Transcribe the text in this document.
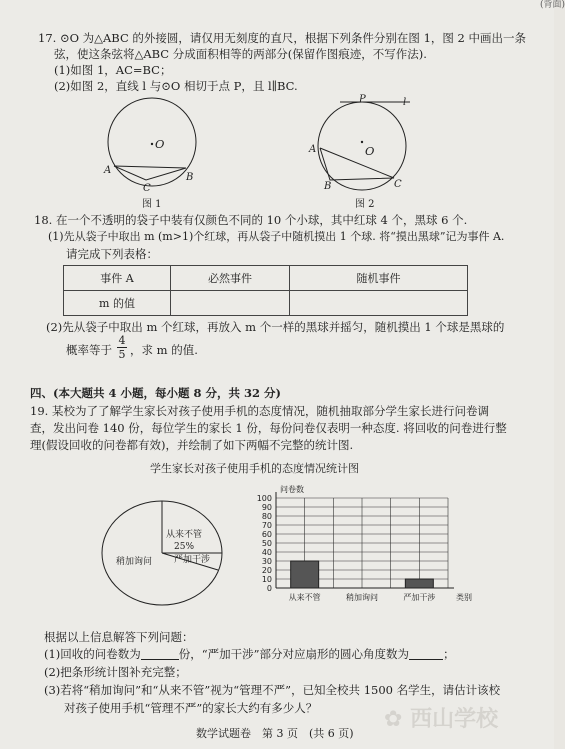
(背面)
17. ⊙O 为△ABC 的外接圆，请仅用无刻度的直尺，根据下列条件分别在图 1，图 2 中画出一条
弦，使这条弦将△ABC 分成面积相等的两部分(保留作图痕迹，不写作法).
(1)如图 1，AC=BC；
(2)如图 2，直线 l 与⊙O 相切于点 P，且 l∥BC.
O
A
B
C
图 1
P	l
O
A
B	C
图 2
18. 在一个不透明的袋子中装有仅颜色不同的 10 个小球，其中红球 4 个，黑球 6 个.
(1)先从袋子中取出 m (m>1)个红球，再从袋子中随机摸出 1 个球. 将“摸出黑球”记为事件 A.
请完成下列表格：
事件 A	必然事件	随机事件
m 的值		
(2)先从袋子中取出 m 个红球，再放入 m 个一样的黑球并摇匀，随机摸出 1 个球是黑球的
概率等于
4
5 ，求 m 的值.
四、(本大题共 4 小题，每小题 8 分，共 32 分)
19. 某校为了了解学生家长对孩子使用手机的态度情况，随机抽取部分学生家长进行问卷调
查，发出问卷 140 份，每位学生的家长 1 份，每份问卷仅表明一种态度. 将回收的问卷进行整
理(假设回收的问卷都有效)，并绘制了如下两幅不完整的统计图.
学生家长对孩子使用手机的态度情况统计图
从来不管
25%
稍加询问 严加干涉
0
10
20
30
40
50
60
70
80
90
100
从来不管	稍加询问	严加干涉
问卷数
类别
根据以上信息解答下列问题：
(1)回收的问卷数为	份，“严加干涉”部分对应扇形的圆心角度数为	；
(2)把条形统计图补充完整；
(3)若将“稍加询问”和“从来不管”视为“管理不严”，已知全校共 1500 名学生，请估计该校
对孩子使用手机“管理不严”的家长大约有多少人？
数学试题卷　第 3 页　(共 6 页)
✿ 西山学校
